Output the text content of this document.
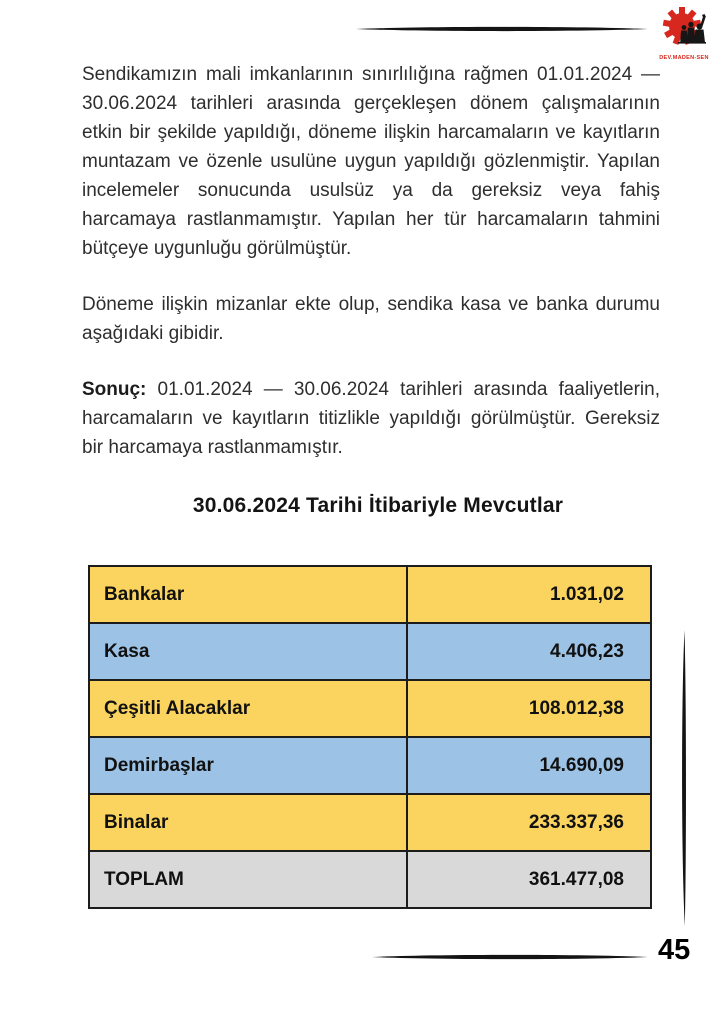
DEV.MADEN-SEN

Sendikamızın mali imkanlarının sınırlılığına rağmen 01.01.2024 — 30.06.2024 tarihleri arasında gerçekleşen dönem çalışmalarının etkin bir şekilde yapıldığı, döneme ilişkin harcamaların ve kayıtların muntazam ve özenle usulüne uygun yapıldığı gözlenmiştir. Yapılan incelemeler sonucunda usulsüz ya da gereksiz veya fahiş harcamaya rastlanmamıştır. Yapılan her tür harcamaların tahmini bütçeye uygunluğu görülmüştür.

Döneme ilişkin mizanlar ekte olup, sendika kasa ve banka durumu aşağıdaki gibidir.

Sonuç: 01.01.2024 — 30.06.2024 tarihleri arasında faaliyetlerin, harcamaların ve kayıtların titizlikle yapıldığı görülmüştür. Gereksiz bir harcamaya rastlanmamıştır.

30.06.2024 Tarihi İtibariyle Mevcutlar
Bankalar	1.031,02
Kasa	4.406,23
Çeşitli Alacaklar	108.012,38
Demirbaşlar	14.690,09
Binalar	233.337,36
TOPLAM	361.477,08
45
